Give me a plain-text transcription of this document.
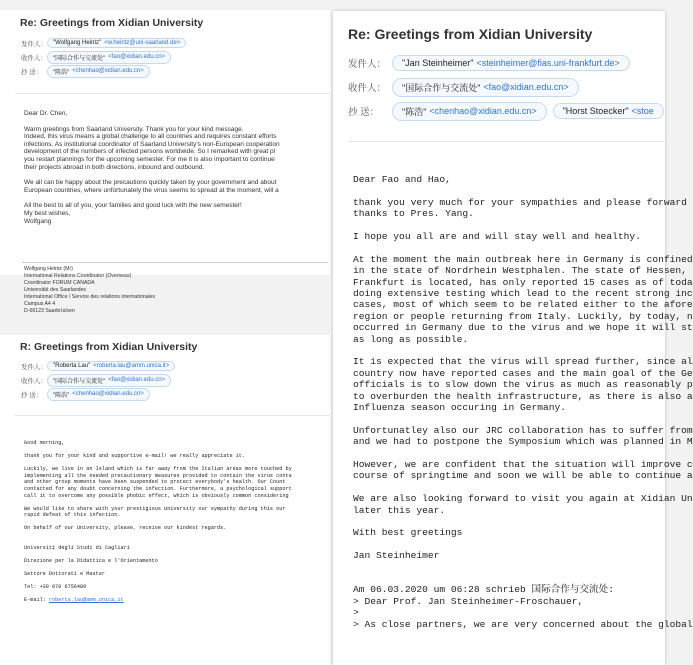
Re: Greetings from Xidian University
发件人： "Wolfgang Heintz" <w.heintz@uni-saarland.de>
收件人： "国际合作与交流处" <fao@xidian.edu.cn>
抄 送：	"陈浩" <chenhao@xidian.edu.cn>

Dear Dr. Chen,

Warm greetings from Saarland University. Thank you for your kind message.

Indeed, this virus means a global challenge to all countries and requires constant efforts

infections. As institutional coordinator of Saarland University's non-European cooperation

development of the numbers of infected persons worldwide. So I remarked with great pl

you restart plannings for the upcoming semester. For me it is also important to continue

their projects abroad in both directions, inbound and outbound.

We all can be happy about the precautions quickly taken by your government and about

European countries, where unfortunately the virus seems to spread at the moment, will a

All the best to all of you, your families and good luck with the new semester!

My best wishes,

Wolfgang

Wolfgang Heintz (Mr)
International Relations Coordinator (Overseas)
Coordinator FORUM CANADA
Universität des Saarlandes
International Office / Service des relations internationales
Campus A4 4
D-66123 Saarbrücken
R: Greetings from Xidian University
发件人： "Roberta Lau" <roberta.lau@amm.unica.it>
收件人： "国际合作与交流处" <fao@xidian.edu.cn>
抄 送：	"陈浩" <chenhao@xidian.edu.cn>

Good morning,

thank you for your kind and supportive e-mail! we really appreciate it.

Luckily, we live in an Island which is far away from the Italian areas more touched by

implementing all the needed precautionary measures provided to contain the virus conta

and other group moments have been suspended to protect everybody's health. Our Count

contacted for any doubt concerning the infection. Furthermore, a psychological support

call it to overcome any possible phobic effect, which is obviously common considering

We would like to share with your prestigious University our sympathy during this our

rapid defeat of this infection.

On behalf of our University, please, receive our kindest regards.

Universit‡ degli Studi di Cagliari

Direzione per la Didattica e l'Orientamento

Settore Dottorati e Master

Tel: +39 070 6756489

E-mail: roberta.lau@amm.unica.it

Re: Greetings from Xidian University
发件人：	"Jan Steinheimer" <steinheimer@fias.uni-frankfurt.de>
收件人：	"国际合作与交流处" <fao@xidian.edu.cn>
抄 送：	"陈浩" <chenhao@xidian.edu.cn>	"Horst Stoecker" <stoe

Dear Fao and Hao,

thank you very much for your sympathies and please forward

thanks to Pres. Yang.

I hope you all are and will stay well and healthy.

At the moment the main outbreak here in Germany is confined

in the state of Nordrhein Westphalen. The state of Hessen,

Frankfurt is located, has only reported 15 cases as of toda

doing extensive testing which lead to the recent strong inc

cases, most of which seem to be related either to the afore

region or people returning from Italy. Luckily, by today, n

occurred in Germany due to the virus and we hope it will st

as long as possible.

It is expected that the virus will spread further, since al

country now have reported cases and the main goal of the Ge

officials is to slow down the virus as much as reasonably p

to overburden the health infrastructure, as there is also a

Influenza season occuring in Germany.

Unfortunatley also our JRC collaboration has to suffer from

and we had to postpone the Symposium which was planned in M

However, we are confident that the situation will improve c

course of springtime and soon we will be able to continue a

We are also looking forward to visit you again at Xidian Un

later this year.

With best greetings

Jan Steinheimer

Am 06.03.2020 um 06:28 schrieb 国际合作与交流处:

> Dear Prof. Jan Steinheimer-Froschauer,

>

> As close partners, we are very concerned about the global
